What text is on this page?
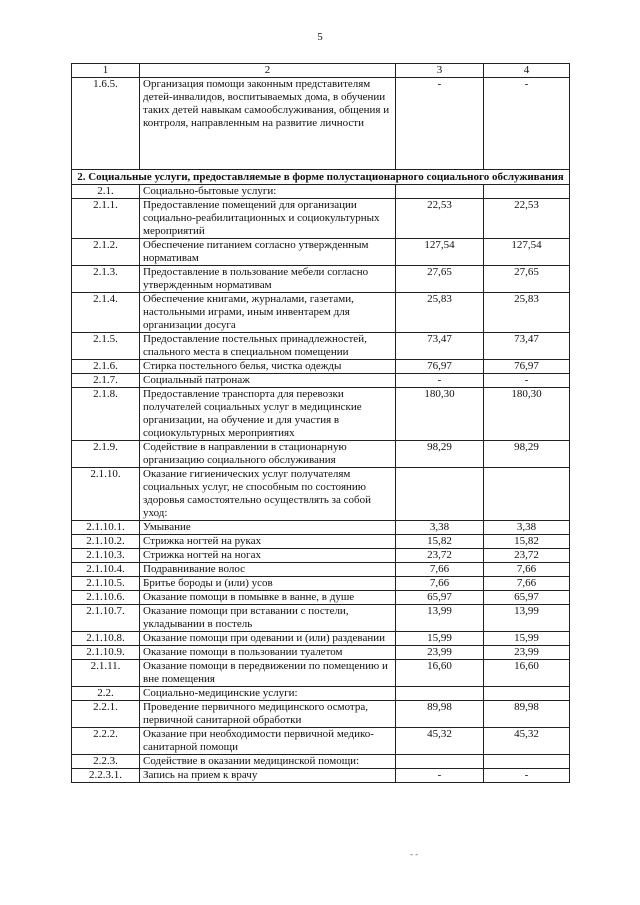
5
1	2	3	4
1.6.5.	Организация помощи законным представителям детей-инвалидов, воспитываемых дома, в обучении таких детей навыкам самообслуживания, общения и контроля, направленным на развитие личности	-	-
2. Социальные услуги, предоставляемые в форме полустационарного социального обслуживания			
2.1.	Социально-бытовые услуги:		
2.1.1.	Предоставление помещений для организации социально-реабилитационных и социокультурных мероприятий	22,53	22,53
2.1.2.	Обеспечение питанием согласно утвержденным нормативам	127,54	127,54
2.1.3.	Предоставление в пользование мебели согласно утвержденным нормативам	27,65	27,65
2.1.4.	Обеспечение книгами, журналами, газетами, настольными играми, иным инвентарем для организации досуга	25,83	25,83
2.1.5.	Предоставление постельных принадлежностей, спального места в специальном помещении	73,47	73,47
2.1.6.	Стирка постельного белья, чистка одежды	76,97	76,97
2.1.7.	Социальный патронаж	-	-
2.1.8.	Предоставление транспорта для перевозки получателей социальных услуг в медицинские организации, на обучение и для участия в социокультурных мероприятиях	180,30	180,30
2.1.9.	Содействие в направлении в стационарную организацию социального обслуживания	98,29	98,29
2.1.10.	Оказание гигиенических услуг получателям социальных услуг, не способным по состоянию здоровья самостоятельно осуществлять за собой уход:		
2.1.10.1.	Умывание	3,38	3,38
2.1.10.2.	Стрижка ногтей на руках	15,82	15,82
2.1.10.3.	Стрижка ногтей на ногах	23,72	23,72
2.1.10.4.	Подравнивание волос	7,66	7,66
2.1.10.5.	Бритье бороды и (или) усов	7,66	7,66
2.1.10.6.	Оказание помощи в помывке в ванне, в душе	65,97	65,97
2.1.10.7.	Оказание помощи при вставании с постели, укладывании в постель	13,99	13,99
2.1.10.8.	Оказание помощи при одевании и (или) раздевании	15,99	15,99
2.1.10.9.	Оказание помощи в пользовании туалетом	23,99	23,99
2.1.11.	Оказание помощи в передвижении по помещению и вне помещения	16,60	16,60
2.2.	Социально-медицинские услуги:		
2.2.1.	Проведение первичного медицинского осмотра, первичной санитарной обработки	89,98	89,98
2.2.2.	Оказание при необходимости первичной медико-санитарной помощи	45,32	45,32
2.2.3.	Содействие в оказании медицинской помощи:		
2.2.3.1.	Запись на прием к врачу	-	-
- -
